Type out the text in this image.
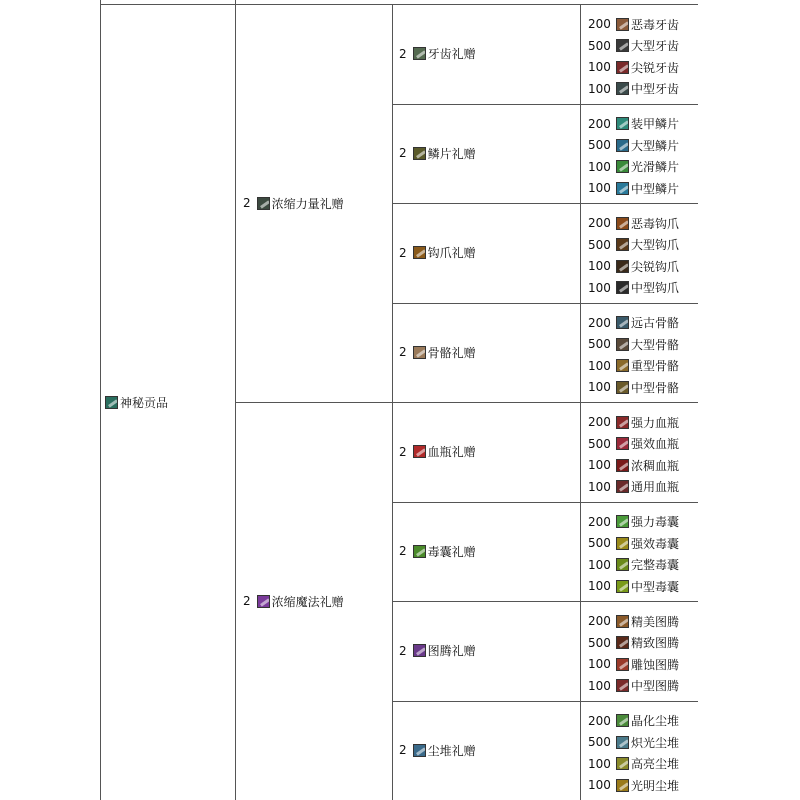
神秘贡品
2 浓缩力量礼赠
2 牙齿礼赠
200	恶毒牙齿
500	大型牙齿
100	尖锐牙齿
100	中型牙齿
2 鳞片礼赠
200	装甲鳞片
500	大型鳞片
100	光滑鳞片
100	中型鳞片
2 钩爪礼赠
200	恶毒钩爪
500	大型钩爪
100	尖锐钩爪
100	中型钩爪
2 骨骼礼赠
200	远古骨骼
500	大型骨骼
100	重型骨骼
100	中型骨骼
2 浓缩魔法礼赠
2 血瓶礼赠
200	强力血瓶
500	强效血瓶
100	浓稠血瓶
100	通用血瓶
2 毒囊礼赠
200	强力毒囊
500	强效毒囊
100	完整毒囊
100	中型毒囊
2 图腾礼赠
200	精美图腾
500	精致图腾
100	雕蚀图腾
100	中型图腾
2 尘堆礼赠
200	晶化尘堆
500	炽光尘堆
100	高亮尘堆
100	光明尘堆
